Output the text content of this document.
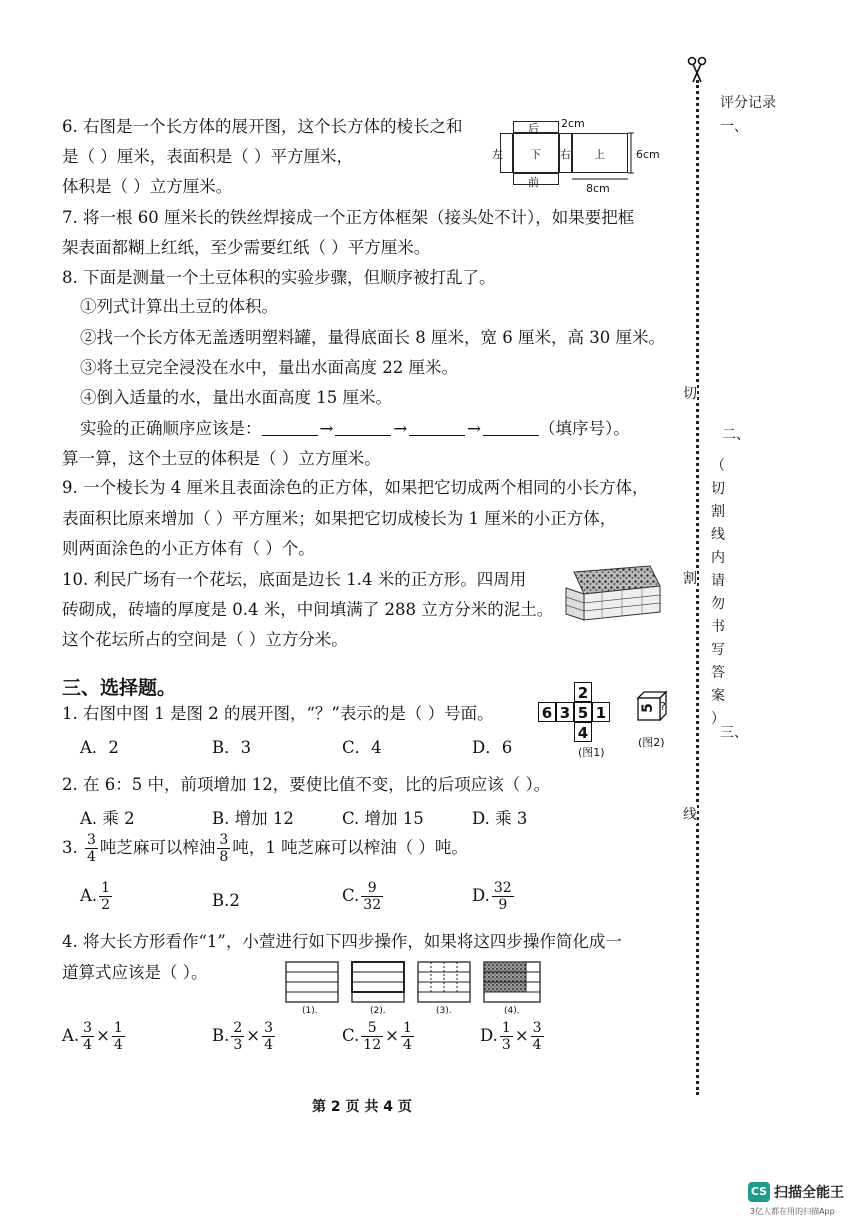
评分记录
一、
二、
三、
切
割
线
（
切
割
线
内
请
勿
书
写
答
案
）
6. 右图是一个长方体的展开图，这个长方体的棱长之和
是（ ）厘米，表面积是（ ）平方厘米，
体积是（ ）立方厘米。
后
左 下 右 上
前
2cm
6cm
8cm
7. 将一根 60 厘米长的铁丝焊接成一个正方体框架（接头处不计），如果要把框
架表面都糊上红纸，至少需要红纸（ ）平方厘米。
8. 下面是测量一个土豆体积的实验步骤，但顺序被打乱了。
①列式计算出土豆的体积。
②找一个长方体无盖透明塑料罐，量得底面长 8 厘米，宽 6 厘米，高 30 厘米。
③将土豆完全浸没在水中，量出水面高度 22 厘米。
④倒入适量的水，量出水面高度 15 厘米。
实验的正确顺序应该是：	→	→	→	（填序号）。
算一算，这个土豆的体积是（ ）立方厘米。
9. 一个棱长为 4 厘米且表面涂色的正方体，如果把它切成两个相同的小长方体，
表面积比原来增加（ ）平方厘米；如果把它切成棱长为 1 厘米的小正方体，
则两面涂色的小正方体有（ ）个。
10. 利民广场有一个花坛，底面是边长 1.4 米的正方形。四周用
砖砌成，砖墙的厚度是 0.4 米，中间填满了 288 立方分米的泥土。
这个花坛所占的空间是（ ）立方分米。
三、选择题。
1. 右图中图 1 是图 2 的展开图，“？”表示的是（ ）号面。
A．2	B．3	C．4	D．6
6 3 5 1
2
4
(图1)
5 ?
(图2)
2. 在 6：5 中，前项增加 12，要使比值不变，比的后项应该（ ）。
A. 乘 2	B. 增加 12	C. 增加 15	D. 乘 3
3. $\frac{3}{4}$ 吨芝麻可以榨油 $\frac{3}{8}$ 吨，1 吨芝麻可以榨油（ ）吨。
A. $\frac{1}{2}$	B.2	C. $\frac{9}{32}$	D. $\frac{32}{9}$
4. 将大长方形看作“1”，小萱进行如下四步操作，如果将这四步操作简化成一
道算式应该是（ ）。
(1).	(2).	(3).	(4).
A. $\frac{3}{4} \times \frac{1}{4}$	B. $\frac{2}{3} \times \frac{3}{4}$	C. $\frac{5}{12} \times \frac{1}{4}$	D. $\frac{1}{3} \times \frac{3}{4}$
第 2 页 共 4 页
CS 扫描全能王
3亿人都在用的扫描App
